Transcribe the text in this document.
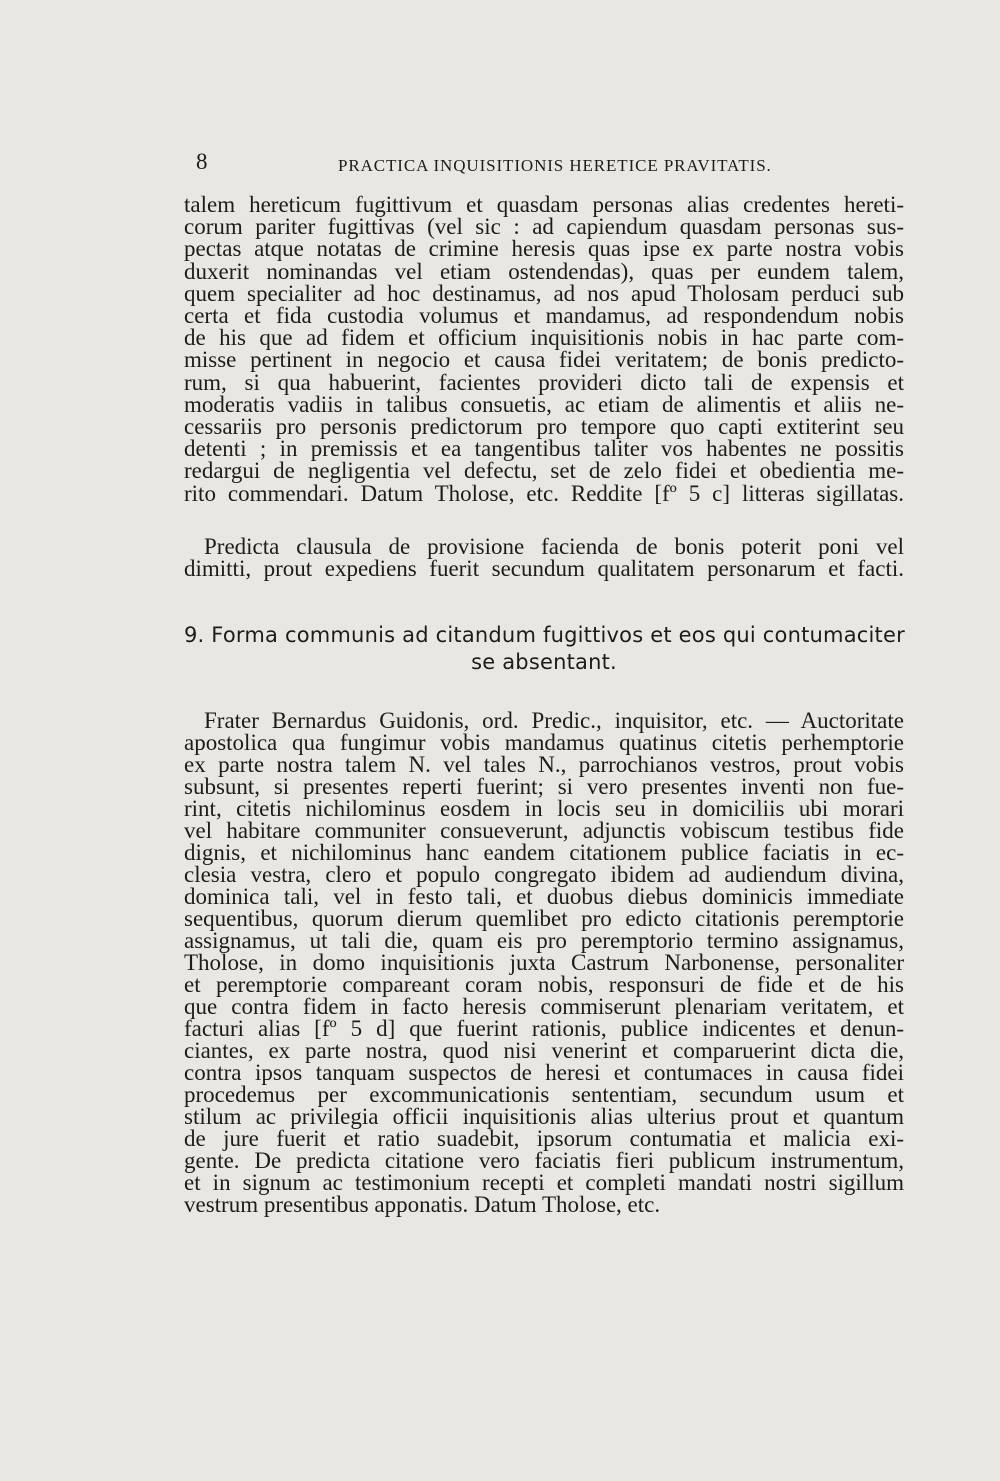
8	PRACTICA INQUISITIONIS HERETICE PRAVITATIS.
talem hereticum fugittivum et quasdam personas alias credentes hereti-
corum pariter fugittivas (vel sic : ad capiendum quasdam personas sus-
pectas atque notatas de crimine heresis quas ipse ex parte nostra vobis
duxerit nominandas vel etiam ostendendas), quas per eundem talem,
quem specialiter ad hoc destinamus, ad nos apud Tholosam perduci sub
certa et fida custodia volumus et mandamus, ad respondendum nobis
de his que ad fidem et officium inquisitionis nobis in hac parte com-
misse pertinent in negocio et causa fidei veritatem; de bonis predicto-
rum, si qua habuerint, facientes provideri dicto tali de expensis et
moderatis vadiis in talibus consuetis, ac etiam de alimentis et aliis ne-
cessariis pro personis predictorum pro tempore quo capti extiterint seu
detenti ; in premissis et ea tangentibus taliter vos habentes ne possitis
redargui de negligentia vel defectu, set de zelo fidei et obedientia me-
rito commendari. Datum Tholose, etc. Reddite [fº 5 c] litteras sigillatas.
Predicta clausula de provisione facienda de bonis poterit poni vel
dimitti, prout expediens fuerit secundum qualitatem personarum et facti.
9. Forma communis ad citandum fugittivos et eos qui contumaciter
se absentant.
Frater Bernardus Guidonis, ord. Predic., inquisitor, etc. — Auctoritate
apostolica qua fungimur vobis mandamus quatinus citetis perhemptorie
ex parte nostra talem N. vel tales N., parrochianos vestros, prout vobis
subsunt, si presentes reperti fuerint; si vero presentes inventi non fue-
rint, citetis nichilominus eosdem in locis seu in domiciliis ubi morari
vel habitare communiter consueverunt, adjunctis vobiscum testibus fide
dignis, et nichilominus hanc eandem citationem publice faciatis in ec-
clesia vestra, clero et populo congregato ibidem ad audiendum divina,
dominica tali, vel in festo tali, et duobus diebus dominicis immediate
sequentibus, quorum dierum quemlibet pro edicto citationis peremptorie
assignamus, ut tali die, quam eis pro peremptorio termino assignamus,
Tholose, in domo inquisitionis juxta Castrum Narbonense, personaliter
et peremptorie compareant coram nobis, responsuri de fide et de his
que contra fidem in facto heresis commiserunt plenariam veritatem, et
facturi alias [fº 5 d] que fuerint rationis, publice indicentes et denun-
ciantes, ex parte nostra, quod nisi venerint et comparuerint dicta die,
contra ipsos tanquam suspectos de heresi et contumaces in causa fidei
procedemus per excommunicationis sententiam, secundum usum et
stilum ac privilegia officii inquisitionis alias ulterius prout et quantum
de jure fuerit et ratio suadebit, ipsorum contumatia et malicia exi-
gente. De predicta citatione vero faciatis fieri publicum instrumentum,
et in signum ac testimonium recepti et completi mandati nostri sigillum
vestrum presentibus apponatis. Datum Tholose, etc.
